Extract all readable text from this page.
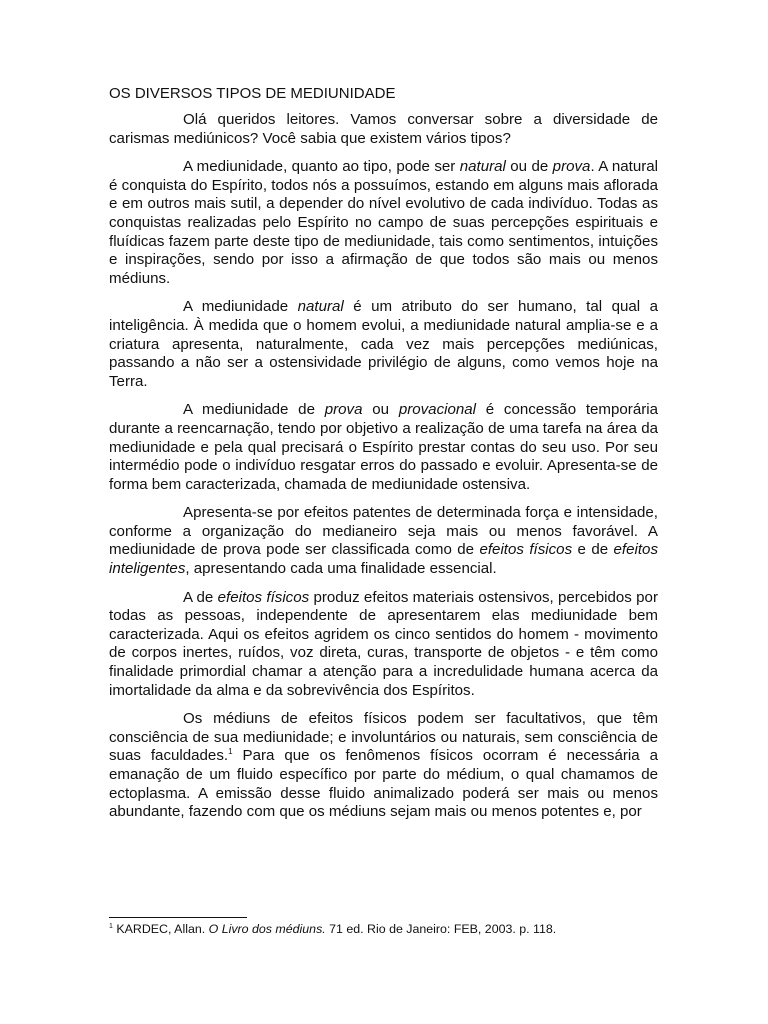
OS DIVERSOS TIPOS DE MEDIUNIDADE

Olá queridos leitores. Vamos conversar sobre a diversidade de carismas mediúnicos? Você sabia que existem vários tipos?

A mediunidade, quanto ao tipo, pode ser natural ou de prova. A natural é conquista do Espírito, todos nós a possuímos, estando em alguns mais aflorada e em outros mais sutil, a depender do nível evolutivo de cada indivíduo. Todas as conquistas realizadas pelo Espírito no campo de suas percepções espirituais e fluídicas fazem parte deste tipo de mediunidade, tais como sentimentos, intuições e inspirações, sendo por isso a afirmação de que todos são mais ou menos médiuns.

A mediunidade natural é um atributo do ser humano, tal qual a inteligência. À medida que o homem evolui, a mediunidade natural amplia-se e a criatura apresenta, naturalmente, cada vez mais percepções mediúnicas, passando a não ser a ostensividade privilégio de alguns, como vemos hoje na Terra.

A mediunidade de prova ou provacional é concessão temporária durante a reencarnação, tendo por objetivo a realização de uma tarefa na área da mediunidade e pela qual precisará o Espírito prestar contas do seu uso. Por seu intermédio pode o indivíduo resgatar erros do passado e evoluir. Apresenta-se de forma bem caracterizada, chamada de mediunidade ostensiva.

Apresenta-se por efeitos patentes de determinada força e intensidade, conforme a organização do medianeiro seja mais ou menos favorável. A mediunidade de prova pode ser classificada como de efeitos físicos e de efeitos inteligentes, apresentando cada uma finalidade essencial.

A de efeitos físicos produz efeitos materiais ostensivos, percebidos por todas as pessoas, independente de apresentarem elas mediunidade bem caracterizada. Aqui os efeitos agridem os cinco sentidos do homem - movimento de corpos inertes, ruídos, voz direta, curas, transporte de objetos - e têm como finalidade primordial chamar a atenção para a incredulidade humana acerca da imortalidade da alma e da sobrevivência dos Espíritos.

Os médiuns de efeitos físicos podem ser facultativos, que têm consciência de sua mediunidade; e involuntários ou naturais, sem consciência de suas faculdades.$^1$ Para que os fenômenos físicos ocorram é necessária a emanação de um fluido específico por parte do médium, o qual chamamos de ectoplasma. A emissão desse fluido animalizado poderá ser mais ou menos abundante, fazendo com que os médiuns sejam mais ou menos potentes e, por

$^1$ KARDEC, Allan. O Livro dos médiuns. 71 ed. Rio de Janeiro: FEB, 2003. p. 118.
